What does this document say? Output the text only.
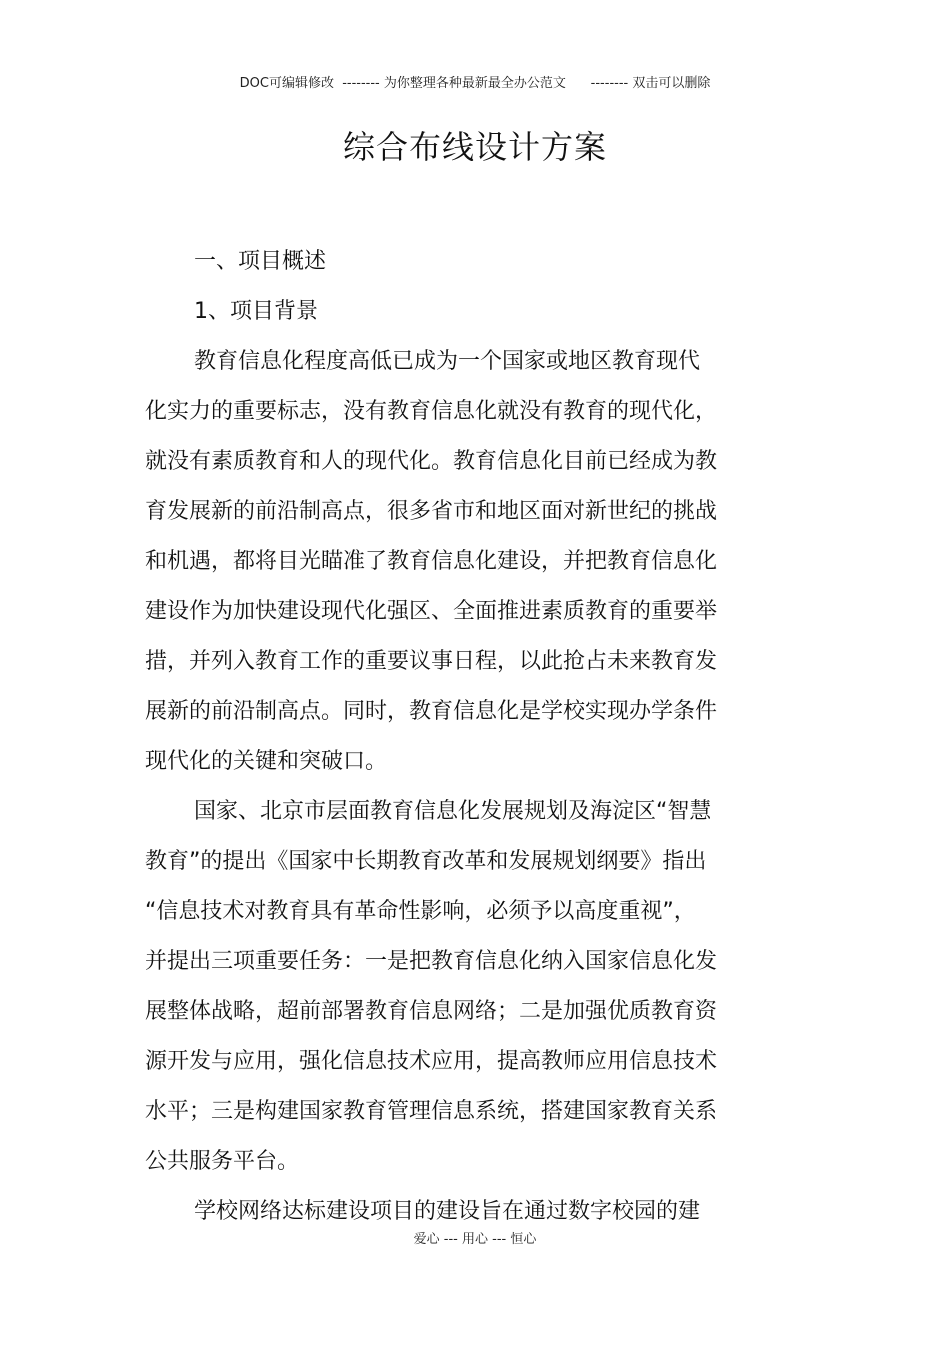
DOC可编辑修改  -------- 为你整理各种最新最全办公范文      -------- 双击可以删除
综合布线设计方案
一、项目概述
1、项目背景
教育信息化程度高低已成为一个国家或地区教育现代
化实力的重要标志，没有教育信息化就没有教育的现代化，
就没有素质教育和人的现代化。教育信息化目前已经成为教
育发展新的前沿制高点，很多省市和地区面对新世纪的挑战
和机遇，都将目光瞄准了教育信息化建设，并把教育信息化
建设作为加快建设现代化强区、全面推进素质教育的重要举
措，并列入教育工作的重要议事日程，以此抢占未来教育发
展新的前沿制高点。同时，教育信息化是学校实现办学条件
现代化的关键和突破口。
国家、北京市层面教育信息化发展规划及海淀区“智慧
教育”的提出《国家中长期教育改革和发展规划纲要》指出
“信息技术对教育具有革命性影响，必须予以高度重视”，
并提出三项重要任务：一是把教育信息化纳入国家信息化发
展整体战略，超前部署教育信息网络；二是加强优质教育资
源开发与应用，强化信息技术应用，提高教师应用信息技术
水平；三是构建国家教育管理信息系统，搭建国家教育关系
公共服务平台。
学校网络达标建设项目的建设旨在通过数字校园的建
爱心 --- 用心 --- 恒心
